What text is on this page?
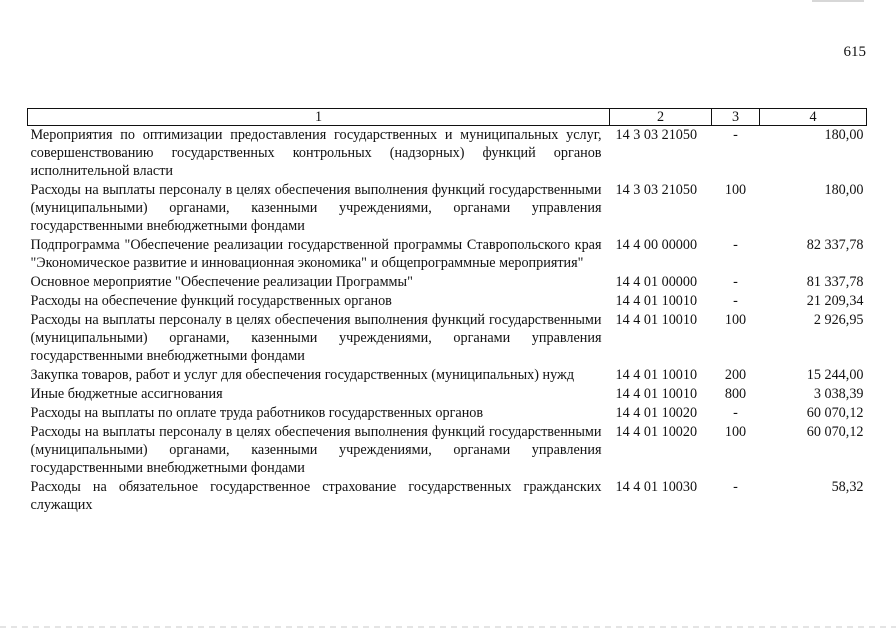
615
1	2	3	4
Мероприятия по оптимизации предоставления государственных и муниципальных услуг, совершенствованию государственных контрольных (надзорных) функций органов исполнительной власти	14 3 03 21050	-	180,00
Расходы на выплаты персоналу в целях обеспечения выполнения функций государственными (муниципальными) органами, казенными учреждениями, органами управления государственными внебюджетными фондами	14 3 03 21050	100	180,00
Подпрограмма "Обеспечение реализации государственной программы Ставропольского края "Экономическое развитие и инновационная экономика" и общепрограммные мероприятия"	14 4 00 00000	-	82 337,78
Основное мероприятие "Обеспечение реализации Программы"	14 4 01 00000	-	81 337,78
Расходы на обеспечение функций государственных органов	14 4 01 10010	-	21 209,34
Расходы на выплаты персоналу в целях обеспечения выполнения функций государственными (муниципальными) органами, казенными учреждениями, органами управления государственными внебюджетными фондами	14 4 01 10010	100	2 926,95
Закупка товаров, работ и услуг для обеспечения государственных (муниципальных) нужд	14 4 01 10010	200	15 244,00
Иные бюджетные ассигнования	14 4 01 10010	800	3 038,39
Расходы на выплаты по оплате труда работников государственных органов	14 4 01 10020	-	60 070,12
Расходы на выплаты персоналу в целях обеспечения выполнения функций государственными (муниципальными) органами, казенными учреждениями, органами управления государственными внебюджетными фондами	14 4 01 10020	100	60 070,12
Расходы на обязательное государственное страхование государственных гражданских служащих	14 4 01 10030	-	58,32
